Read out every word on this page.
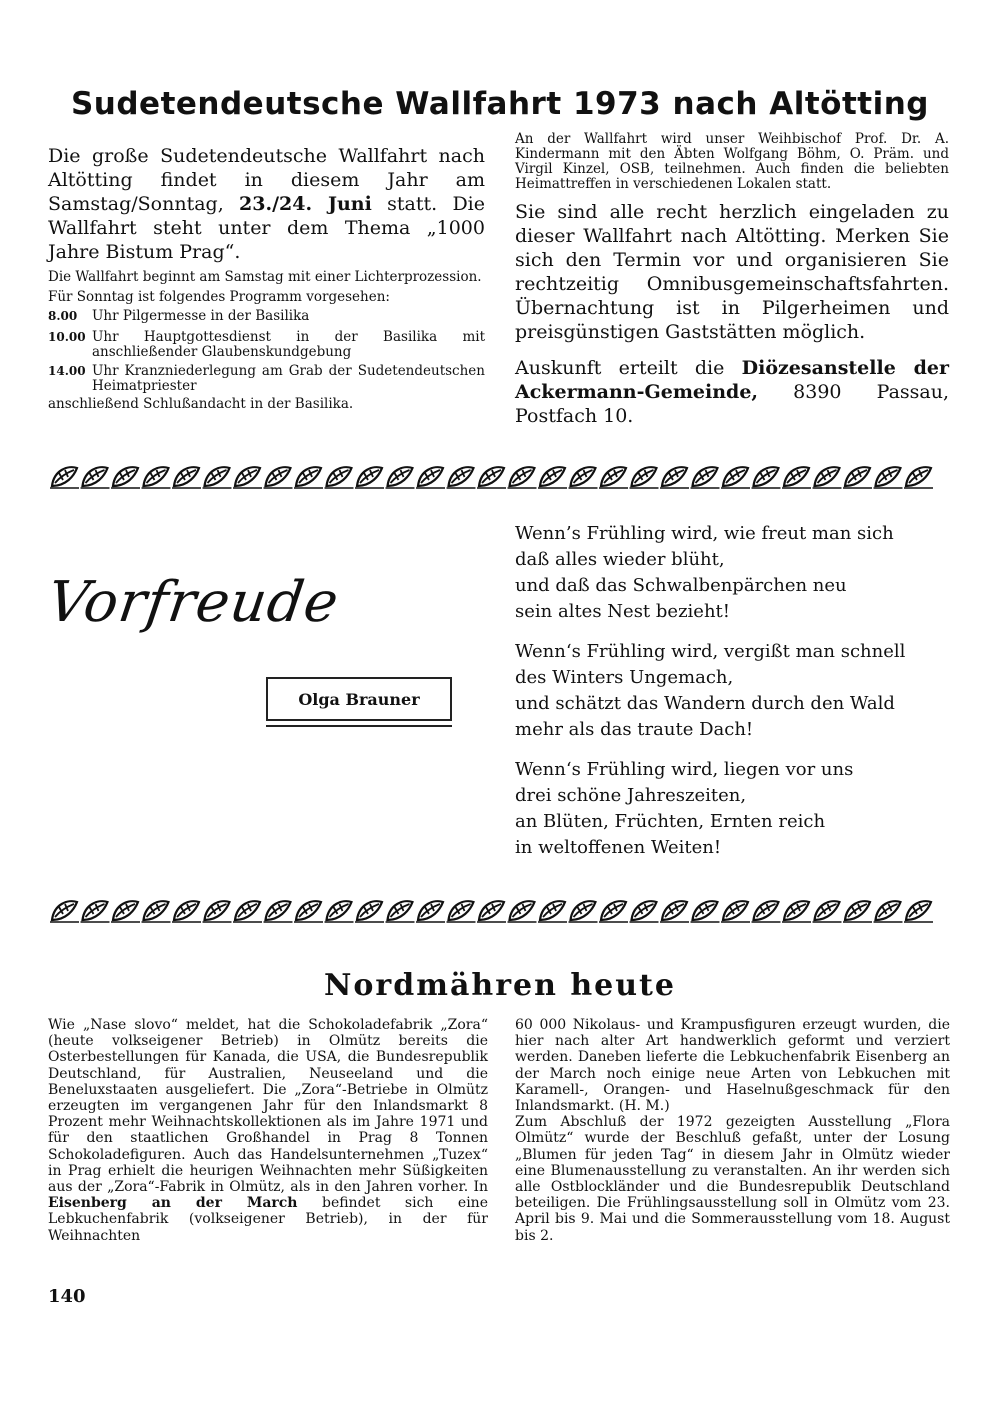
Sudetendeutsche Wallfahrt 1973 nach Altötting

Die große Sudetendeutsche Wallfahrt nach Altötting findet in diesem Jahr am Samstag/Sonntag, 23./24. Juni statt. Die Wallfahrt steht unter dem Thema „1000 Jahre Bistum Prag“.

Die Wallfahrt beginnt am Samstag mit einer Lichterprozession.

Für Sonntag ist folgendes Programm vorgesehen:

8.00	Uhr Pilgermesse in der Basilika
10.00 Uhr Hauptgottesdienst in der Basilika mit anschließender Glaubenskundgebung
14.00 Uhr Kranzniederlegung am Grab der Sudetendeutschen Heimatpriester
anschließend Schlußandacht in der Basilika.

An der Wallfahrt wird unser Weihbischof Prof. Dr. A. Kindermann mit den Äbten Wolfgang Böhm, O. Präm. und Virgil Kinzel, OSB, teilnehmen. Auch finden die beliebten Heimattreffen in verschiedenen Lokalen statt.

Sie sind alle recht herzlich eingeladen zu dieser Wallfahrt nach Altötting. Merken Sie sich den Termin vor und organisieren Sie rechtzeitig Omnibusgemeinschaftsfahrten. Übernachtung ist in Pilgerheimen und preisgünstigen Gaststätten möglich.

Auskunft erteilt die Diözesanstelle der Ackermann-Gemeinde, 8390 Passau, Postfach 10.

Vorfreude
Olga Brauner

Wenn’s Frühling wird, wie freut man sich
daß alles wieder blüht,
und daß das Schwalbenpärchen neu
sein altes Nest bezieht!

Wenn‘s Frühling wird, vergißt man schnell
des Winters Ungemach,
und schätzt das Wandern durch den Wald
mehr als das traute Dach!

Wenn‘s Frühling wird, liegen vor uns
drei schöne Jahreszeiten,
an Blüten, Früchten, Ernten reich
in weltoffenen Weiten!

Nordmähren heute
Wie „Nase slovo“ meldet, hat die Schokoladefabrik „Zora“ (heute volkseigener Betrieb) in Olmütz bereits die Osterbestellungen für Kanada, die USA, die Bundesrepublik Deutschland, für Australien, Neuseeland und die Beneluxstaaten ausgeliefert. Die „Zora“-Betriebe in Olmütz erzeugten im vergangenen Jahr für den Inlandsmarkt 8 Prozent mehr Weihnachtskollektionen als im Jahre 1971 und für den staatlichen Großhandel in Prag 8 Tonnen Schokoladefiguren. Auch das Handelsunternehmen „Tuzex“ in Prag erhielt die heurigen Weihnachten mehr Süßigkeiten aus der „Zora“-Fabrik in Olmütz, als in den Jahren vorher. In Eisenberg an der March befindet sich eine Lebkuchenfabrik (volkseigener Betrieb), in der für Weihnachten
60 000 Nikolaus- und Krampusfiguren erzeugt wurden, die hier nach alter Art handwerklich geformt und verziert werden. Daneben lieferte die Lebkuchenfabrik Eisenberg an der March noch einige neue Arten von Lebkuchen mit Karamell-, Orangen- und Haselnußgeschmack für den Inlandsmarkt. (H. M.)
Zum Abschluß der 1972 gezeigten Ausstellung „Flora Olmütz“ wurde der Beschluß gefaßt, unter der Losung „Blumen für jeden Tag“ in diesem Jahr in Olmütz wieder eine Blumenausstellung zu veranstalten. An ihr werden sich alle Ostblockländer und die Bundesrepublik Deutschland beteiligen. Die Frühlingsausstellung soll in Olmütz vom 23. April bis 9. Mai und die Sommerausstellung vom 18. August bis 2.
140
